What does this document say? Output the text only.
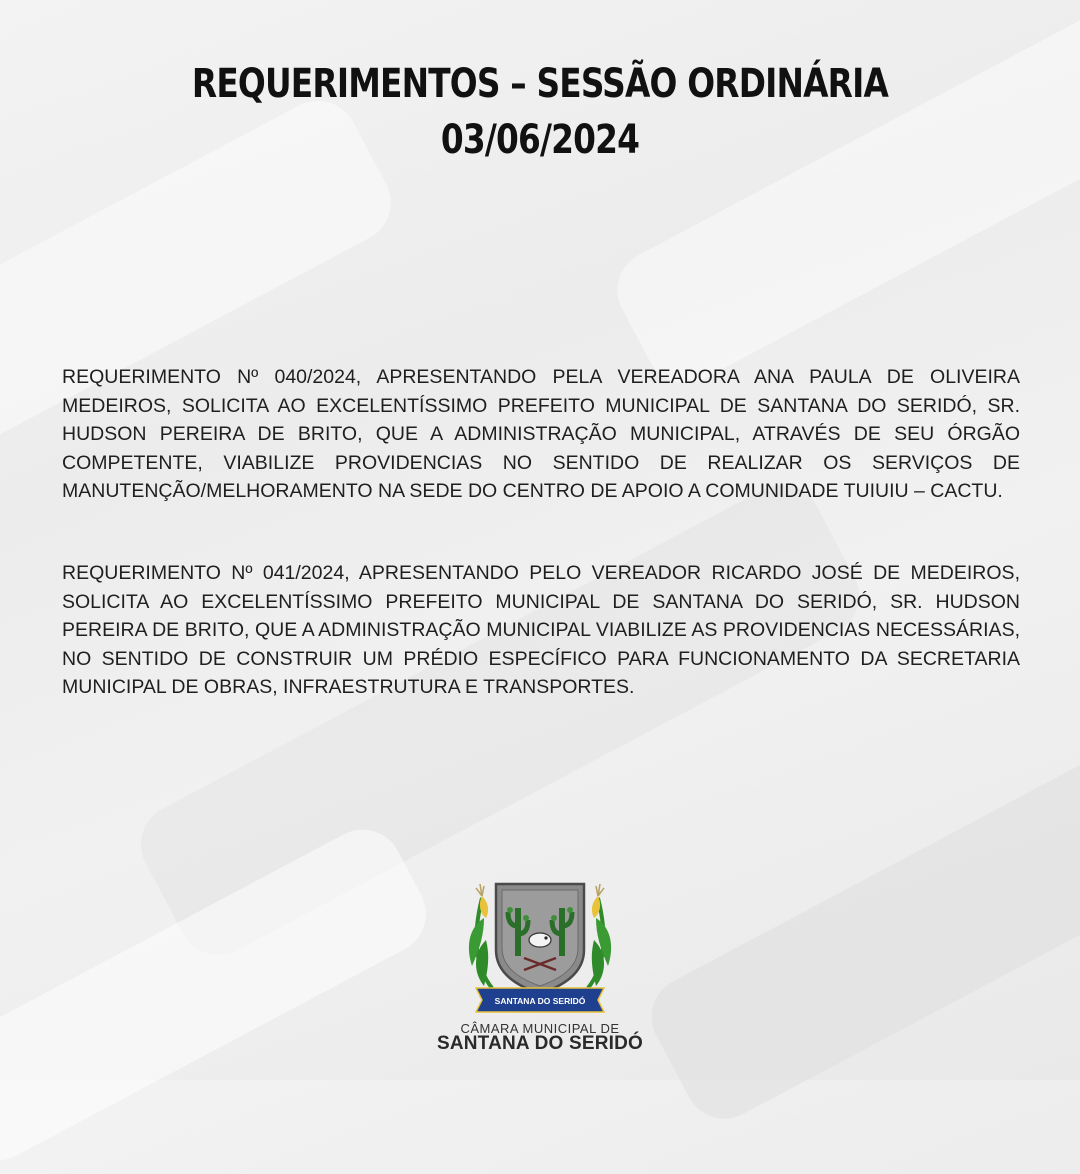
REQUERIMENTOS – SESSÃO ORDINÁRIA
03/06/2024
REQUERIMENTO Nº 040/2024, APRESENTANDO PELA VEREADORA ANA PAULA DE OLIVEIRA MEDEIROS, SOLICITA AO EXCELENTÍSSIMO PREFEITO MUNICIPAL DE SANTANA DO SERIDÓ, SR. HUDSON PEREIRA DE BRITO, QUE A ADMINISTRAÇÃO MUNICIPAL, ATRAVÉS DE SEU ÓRGÃO COMPETENTE, VIABILIZE PROVIDENCIAS NO SENTIDO DE REALIZAR OS SERVIÇOS DE MANUTENÇÃO/MELHORAMENTO NA SEDE DO CENTRO DE APOIO A COMUNIDADE TUIUIU – CACTU.
REQUERIMENTO Nº 041/2024, APRESENTANDO PELO VEREADOR RICARDO JOSÉ DE MEDEIROS, SOLICITA AO EXCELENTÍSSIMO PREFEITO MUNICIPAL DE SANTANA DO SERIDÓ, SR. HUDSON PEREIRA DE BRITO, QUE A ADMINISTRAÇÃO MUNICIPAL VIABILIZE AS PROVIDENCIAS NECESSÁRIAS, NO SENTIDO DE CONSTRUIR UM PRÉDIO ESPECÍFICO PARA FUNCIONAMENTO DA SECRETARIA MUNICIPAL DE OBRAS, INFRAESTRUTURA E TRANSPORTES.
SANTANA DO SERIDÓ
CÂMARA MUNICIPAL DE
SANTANA DO SERIDÓ
